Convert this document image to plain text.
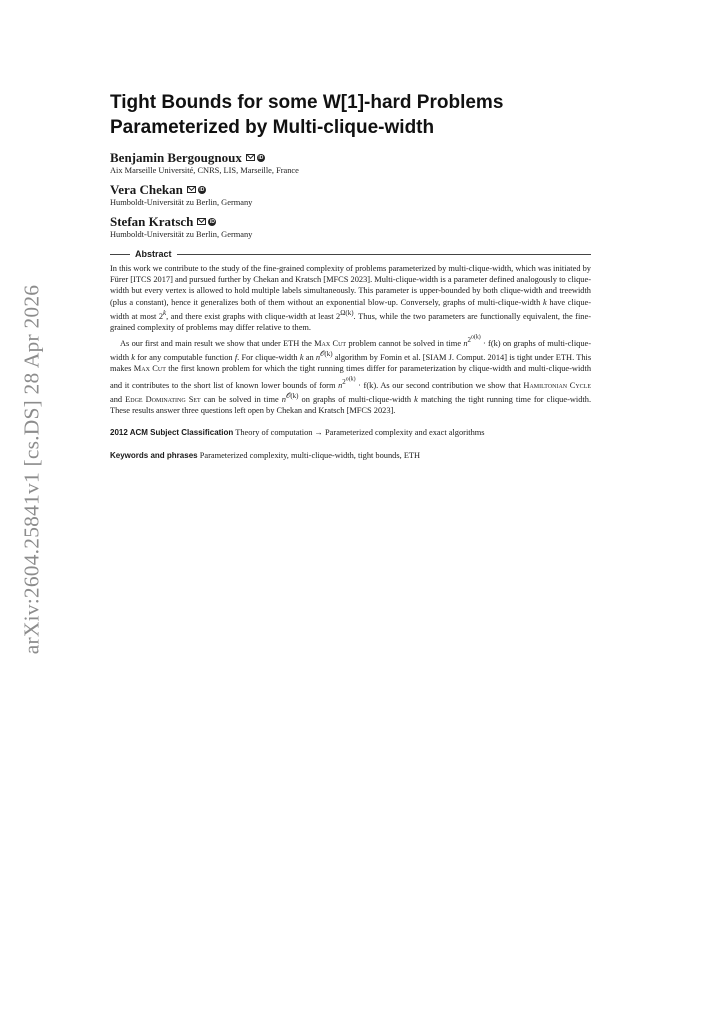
arXiv:2604.25841v1 [cs.DS] 28 Apr 2026
Tight Bounds for some W[1]-hard Problems Parameterized by Multi-clique-width
Benjamin Bergougnoux	iD
Aix Marseille Université, CNRS, LIS, Marseille, France
Vera Chekan	iD
Humboldt-Universität zu Berlin, Germany
Stefan Kratsch	iD
Humboldt-Universität zu Berlin, Germany
Abstract

In this work we contribute to the study of the fine-grained complexity of problems parameterized by multi-clique-width, which was initiated by Fürer [ITCS 2017] and pursued further by Chekan and Kratsch [MFCS 2023]. Multi-clique-width is a parameter defined analogously to clique-width but every vertex is allowed to hold multiple labels simultaneously. This parameter is upper-bounded by both clique-width and treewidth (plus a constant), hence it generalizes both of them without an exponential blow-up. Conversely, graphs of multi-clique-width k have clique-width at most 2$^k$, and there exist graphs with clique-width at least $2^{\Omega(k)}$. Thus, while the two parameters are functionally equivalent, the fine-grained complexity of problems may differ relative to them.

As our first and main result we show that under ETH the Max Cut problem cannot be solved in time $n^{2^{o(k)}} \cdot f(k)$ on graphs of multi-clique-width k for any computable function f. For clique-width k an $n^{𝒪(k)}$ algorithm by Fomin et al. [SIAM J. Comput. 2014] is tight under ETH. This makes Max Cut the first known problem for which the tight running times differ for parameterization by clique-width and multi-clique-width and it contributes to the short list of known lower bounds of form $n^{2^{o(k)}} \cdot f(k)$. As our second contribution we show that Hamiltonian Cycle and Edge Dominating Set can be solved in time $n^{𝒪(k)}$ on graphs of multi-clique-width k matching the tight running time for clique-width. These results answer three questions left open by Chekan and Kratsch [MFCS 2023].

2012 ACM Subject Classification Theory of computation → Parameterized complexity and exact algorithms
Keywords and phrases Parameterized complexity, multi-clique-width, tight bounds, ETH
